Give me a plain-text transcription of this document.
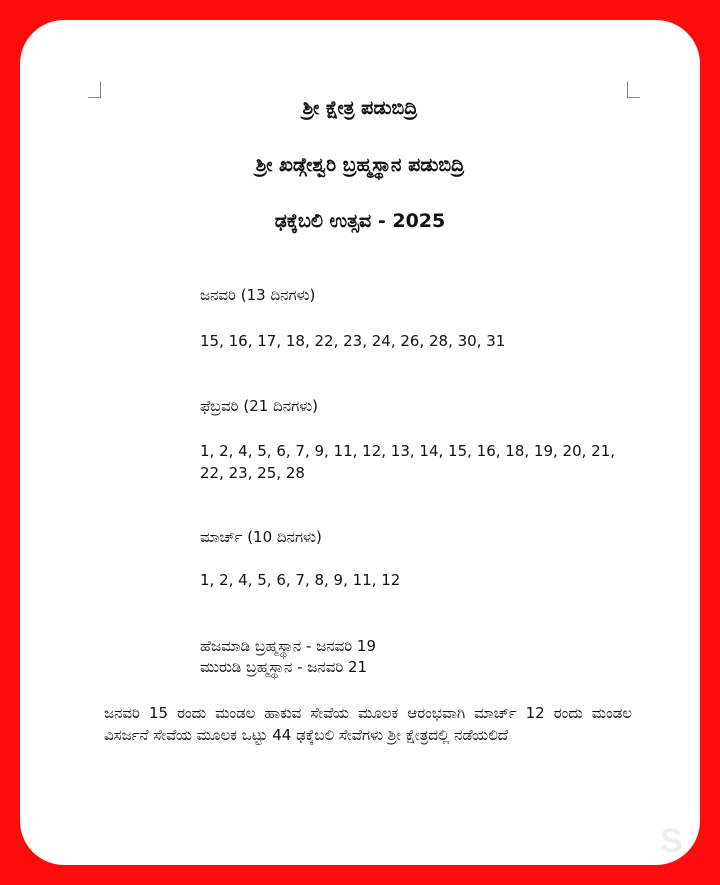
ಶ್ರೀ ಕ್ಷೇತ್ರ ಪಡುಬಿದ್ರಿ
ಶ್ರೀ ಖಡ್ಗೇಶ್ವರಿ ಬ್ರಹ್ಮಸ್ಥಾನ ಪಡುಬಿದ್ರಿ
ಢಕ್ಕೆಬಲಿ ಉತ್ಸವ - 2025
ಜನವರಿ (13 ದಿನಗಳು)
15, 16, 17, 18, 22, 23, 24, 26, 28, 30, 31
ಫೆಬ್ರವರಿ (21 ದಿನಗಳು)
1, 2, 4, 5, 6, 7, 9, 11, 12, 13, 14, 15, 16, 18, 19, 20, 21, 22, 23, 25, 28
ಮಾರ್ಚ್ (10 ದಿನಗಳು)
1, 2, 4, 5, 6, 7, 8, 9, 11, 12
ಹೆಜಮಾಡಿ ಬ್ರಹ್ಮಸ್ಥಾನ - ಜನವರಿ 19
ಮುರುಡಿ ಬ್ರಹ್ಮಸ್ಥಾನ - ಜನವರಿ 21
ಜನವರಿ 15 ರಂದು ಮಂಡಲ ಹಾಕುವ ಸೇವೆಯ ಮೂಲಕ ಆರಂಭವಾಗಿ ಮಾರ್ಚ್ 12 ರಂದು ಮಂಡಲ ವಿಸರ್ಜನೆ ಸೇವೆಯ ಮೂಲಕ ಒಟ್ಟು 44 ಢಕ್ಕೆಬಲಿ ಸೇವೆಗಳು ಶ್ರೀ ಕ್ಷೇತ್ರದಲ್ಲಿ ನಡೆಯಲಿದೆ
S
